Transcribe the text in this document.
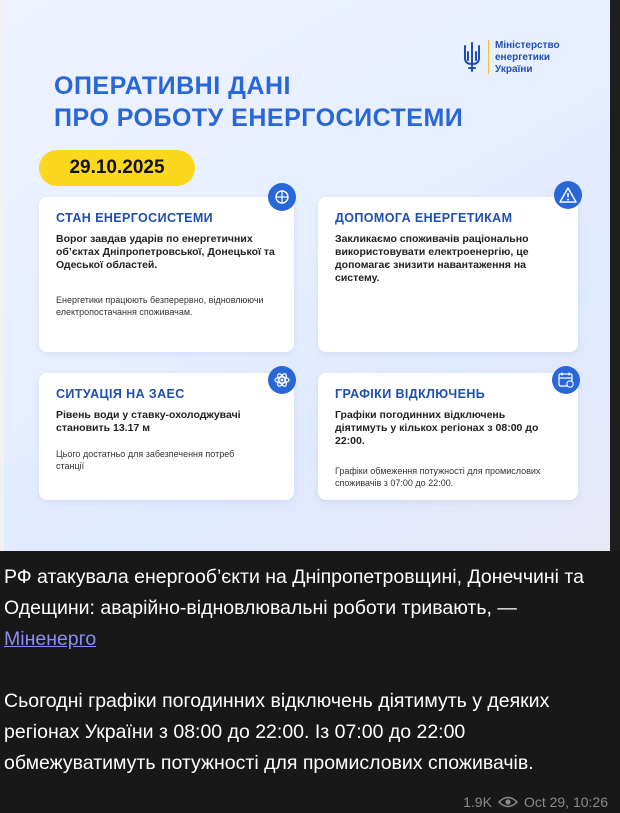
Міністерство
енергетики
України
ОПЕРАТИВНІ ДАНІ
ПРО РОБОТУ ЕНЕРГОСИСТЕМИ
29.10.2025
СТАН ЕНЕРГОСИСТЕМИ
Ворог завдав ударів по енергетичних об’єктах Дніпропетровської, Донецької та Одеської областей.
Енергетики працюють безперервно, відновлюючи електропостачання споживачам.
ДОПОМОГА ЕНЕРГЕТИКАМ
Закликаємо споживачів раціонально використовувати електроенергію, це допомагає знизити навантаження на систему.
СИТУАЦІЯ НА ЗАЕС
Рівень води у ставку-охолоджувачі становить 13.17 м
Цього достатньо для забезпечення потреб станції
ГРАФІКИ ВІДКЛЮЧЕНЬ
Графіки погодинних відключень діятимуть у кількох регіонах з 08:00 до 22:00.
Графіки обмеження потужності для промислових споживачів з 07:00 до 22:00.
РФ атакувала енергооб’єкти на Дніпропетровщині, Донеччині та Одещини: аварійно-відновлювальні роботи тривають, — Міненерго
Сьогодні графіки погодинних відключень діятимуть у деяких регіонах України з 08:00 до 22:00. Із 07:00 до 22:00 обмежуватимуть потужності для промислових споживачів.
1.9K Oct 29, 10:26
